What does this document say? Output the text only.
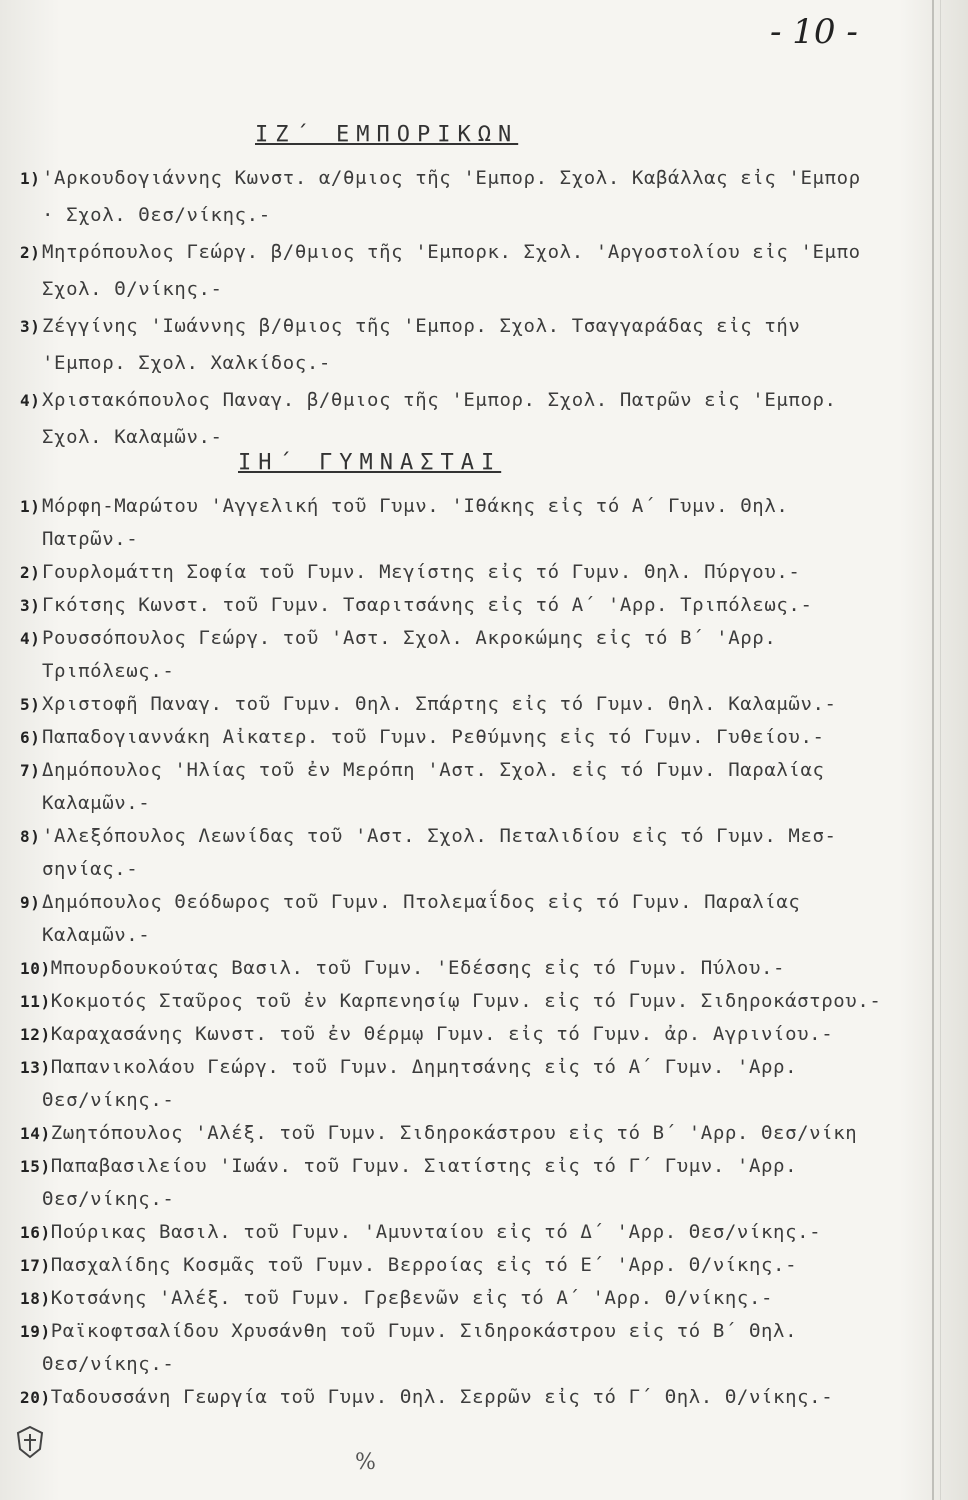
- 10 -
ΙΖ΄ ΕΜΠΟΡΙΚΩΝ
1)'Αρκουδογιάννης Κωνστ. α/θμιος τῆς 'Εμπορ. Σχολ. Καβάλλας εἰς 'Εμπορ
· Σχολ. Θεσ/νίκης.-
2)Μητρόπουλος Γεώργ. β/θμιος τῆς 'Εμπορκ. Σχολ. 'Αργοστολίου εἰς 'Εμπο
Σχολ. Θ/νίκης.-
3)Ζέγγίνης 'Ιωάννης β/θμιος τῆς 'Εμπορ. Σχολ. Τσαγγαράδας εἰς τήν
'Εμπορ. Σχολ. Χαλκίδος.-
4)Χριστακόπουλος Παναγ. β/θμιος τῆς 'Εμπορ. Σχολ. Πατρῶν εἰς 'Εμπορ.
Σχολ. Καλαμῶν.-
ΙΗ΄ ΓΥΜΝΑΣΤΑΙ
1)Μόρφη-Μαρώτου 'Αγγελική τοῦ Γυμν. 'Ιθάκης εἰς τό Α΄ Γυμν. Θηλ.
Πατρῶν.-
2)Γουρλομάττη Σοφία τοῦ Γυμν. Μεγίστης εἰς τό Γυμν. Θηλ. Πύργου.-
3)Γκότσης Κωνστ. τοῦ Γυμν. Τσαριτσάνης εἰς τό Α΄ 'Αρρ. Τριπόλεως.-
4)Ρουσσόπουλος Γεώργ. τοῦ 'Αστ. Σχολ. Ακροκώμης εἰς τό Β΄ 'Αρρ.
Τριπόλεως.-
5)Χριστοφῆ Παναγ. τοῦ Γυμν. Θηλ. Σπάρτης εἰς τό Γυμν. Θηλ. Καλαμῶν.-
6)Παπαδογιαννάκη Αἰκατερ. τοῦ Γυμν. Ρεθύμνης εἰς τό Γυμν. Γυθείου.-
7)Δημόπουλος 'Ηλίας τοῦ ἐν Μερόπη 'Αστ. Σχολ. εἰς τό Γυμν. Παραλίας
Καλαμῶν.-
8)'Αλεξόπουλος Λεωνίδας τοῦ 'Αστ. Σχολ. Πεταλιδίου εἰς τό Γυμν. Μεσ-
σηνίας.-
9)Δημόπουλος Θεόδωρος τοῦ Γυμν. Πτολεμαΐδος εἰς τό Γυμν. Παραλίας
Καλαμῶν.-
10)Μπουρδουκούτας Βασιλ. τοῦ Γυμν. 'Εδέσσης εἰς τό Γυμν. Πύλου.-
11)Κοκμοτός Σταῦρος τοῦ ἐν Καρπενησίῳ Γυμν. εἰς τό Γυμν. Σιδηροκάστρου.-
12)Καραχασάνης Κωνστ. τοῦ ἐν Θέρμῳ Γυμν. εἰς τό Γυμν. ἀρ. Αγρινίου.-
13)Παπανικολάου Γεώργ. τοῦ Γυμν. Δημητσάνης εἰς τό Α΄ Γυμν. 'Αρρ.
Θεσ/νίκης.-
14)Ζωητόπουλος 'Αλέξ. τοῦ Γυμν. Σιδηροκάστρου εἰς τό Β΄ 'Αρρ. Θεσ/νίκη
15)Παπαβασιλείου 'Ιωάν. τοῦ Γυμν. Σιατίστης εἰς τό Γ΄ Γυμν. 'Αρρ.
Θεσ/νίκης.-
16)Πούρικας Βασιλ. τοῦ Γυμν. 'Αμυνταίου εἰς τό Δ΄ 'Αρρ. Θεσ/νίκης.-
17)Πασχαλίδης Κοσμᾶς τοῦ Γυμν. Βερροίας εἰς τό Ε΄ 'Αρρ. Θ/νίκης.-
18)Κοτσάνης 'Αλέξ. τοῦ Γυμν. Γρεβενῶν εἰς τό Α΄ 'Αρρ. Θ/νίκης.-
19)Ραϊκοφτσαλίδου Χρυσάνθη τοῦ Γυμν. Σιδηροκάστρου εἰς τό Β΄ Θηλ.
Θεσ/νίκης.-
20)Ταδουσσάνη Γεωργία τοῦ Γυμν. Θηλ. Σερρῶν εἰς τό Γ΄ Θηλ. Θ/νίκης.-
%
